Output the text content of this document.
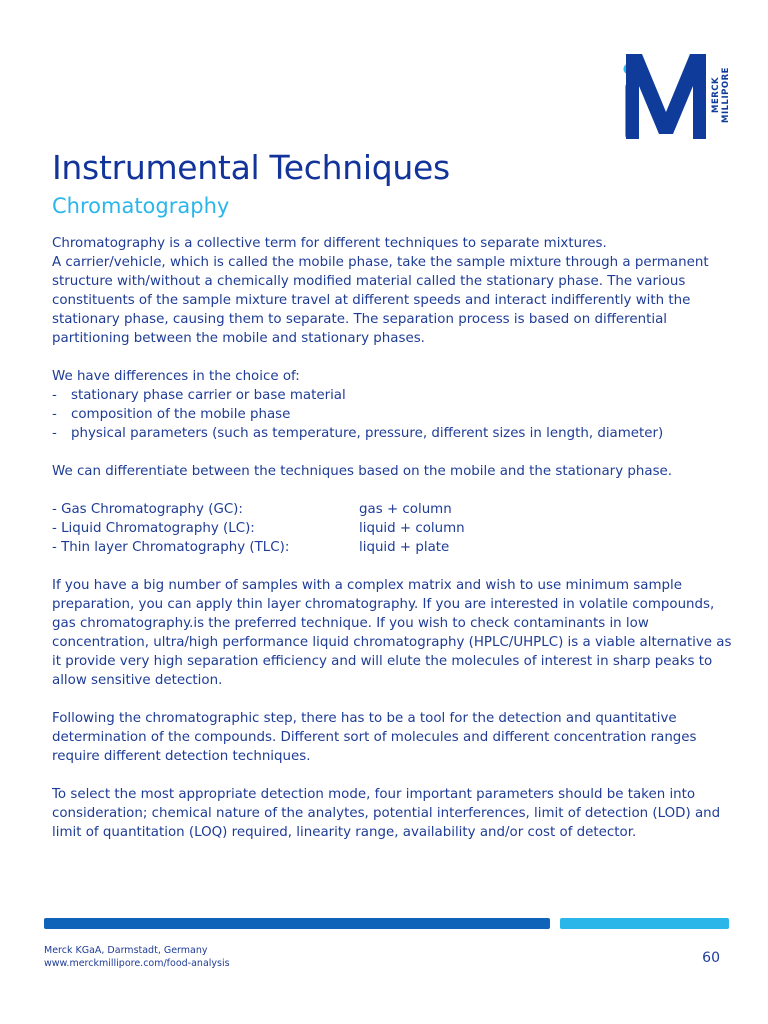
MERCK MILLIPORE
Instrumental Techniques
Chromatography

Chromatography is a collective term for different techniques to separate mixtures.

A carrier/vehicle, which is called the mobile phase, take the sample mixture through a permanent structure with/without a chemically modified material called the stationary phase. The various constituents of the sample mixture travel at different speeds and interact indifferently with the stationary phase, causing them to separate. The separation process is based on differential partitioning between the mobile and stationary phases.

We have differences in the choice of:

-	stationary phase carrier or base material
-	composition of the mobile phase
-	physical parameters (such as temperature, pressure, different sizes in length, diameter)

We can differentiate between the techniques based on the mobile and the stationary phase.

- Gas Chromatography (GC):	gas + column
- Liquid Chromatography (LC):	liquid + column
- Thin layer Chromatography (TLC):	liquid + plate

If you have a big number of samples with a complex matrix and wish to use minimum sample preparation, you can apply thin layer chromatography. If you are interested in volatile compounds, gas chromatography.is the preferred technique. If you wish to check contaminants in low concentration, ultra/high performance liquid chromatography (HPLC/UHPLC) is a viable alternative as it provide very high separation efficiency and will elute the molecules of interest in sharp peaks to allow sensitive detection.

Following the chromatographic step, there has to be a tool for the detection and quantitative determination of the compounds. Different sort of molecules and different concentration ranges require different detection techniques.

To select the most appropriate detection mode, four important parameters should be taken into consideration; chemical nature of the analytes, potential interferences, limit of detection (LOD) and limit of quantitation (LOQ) required, linearity range, availability and/or cost of detector.

Merck KGaA, Darmstadt, Germany
www.merckmillipore.com/food-analysis	60
